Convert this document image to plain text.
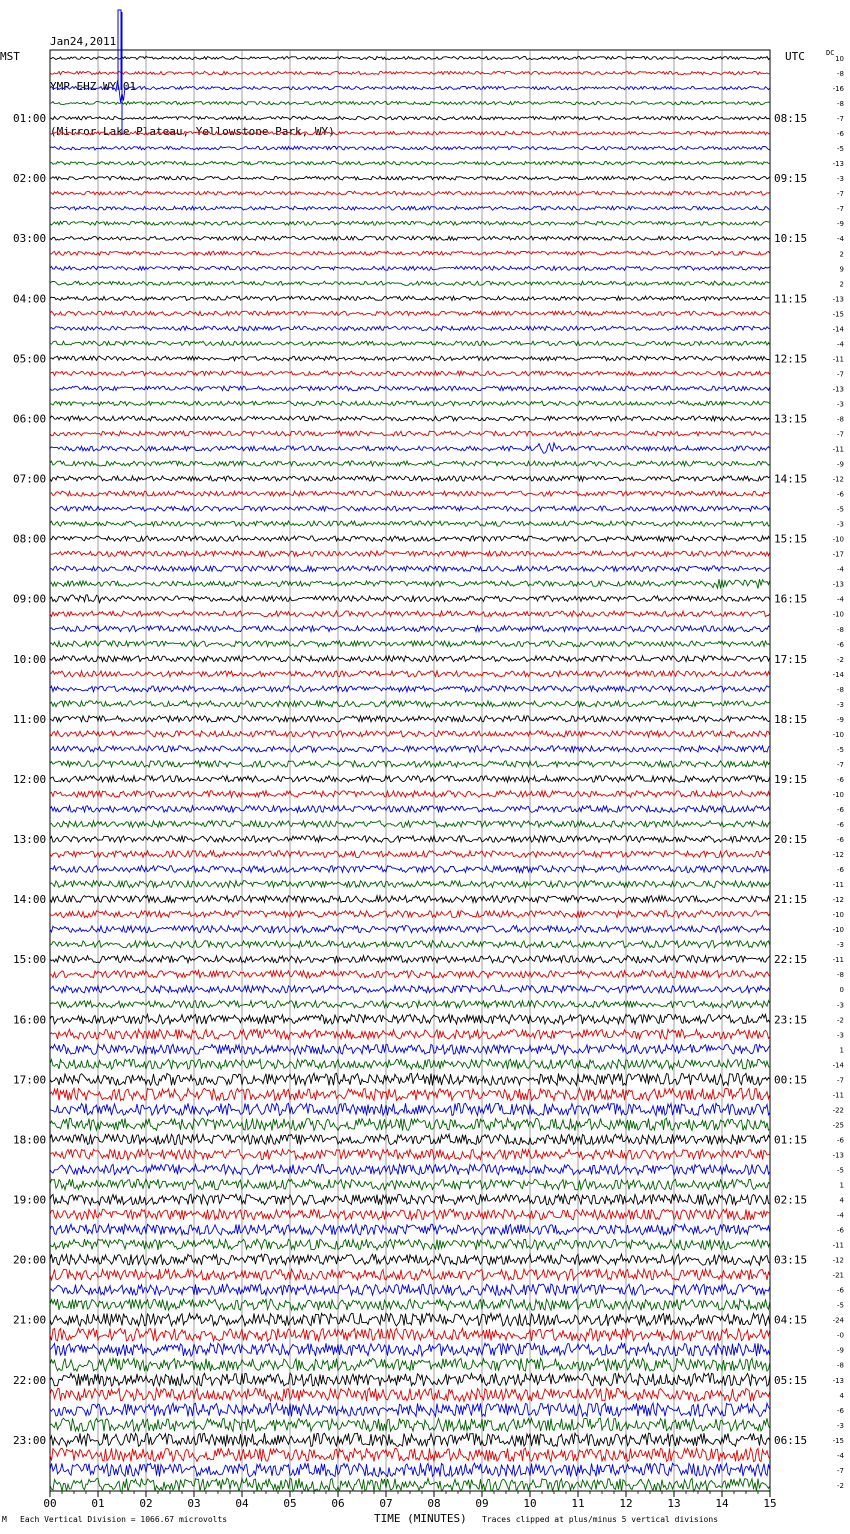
Jan24,2011

YMP EHZ WY 01

(Mirror Lake Plateau, Yellowstone Park, WY)

MST	UTC	DC
00	01	02	03	04	05	06	07	08	09	10	11	12	13	14	15
10
-8
-16
-8
-7
-6
-5
-13
-3
-7
-7
-9
-4
2
9
2
-13
-15
-14
-4
-11
-7
-13
-3
-8
-7
-11
-9
-12
-6
-5
-3
-10
-17
-4
-13
-4
-10
-8
-6
-2
-14
-8
-3
-9
-10
-5
-7
-6
-10
-6
-6
-6
-12
-6
-11
-12
-10
-10
-3
-11
-8
0
-3
-2
-3
1
-14
-7
-11
-22
-25
-6
-13
-5
1
4
-4
-6
-11
-12
-21
-6
-5
-24
-0
-9
-8
-13
4
-6
-3
-15
-4
-7
-2
01:00
02:00
03:00
04:00
05:00
06:00
07:00
08:00
09:00
10:00
11:00
12:00
13:00
14:00
15:00
16:00
17:00
18:00
19:00
20:00
21:00
22:00
23:00
08:15
09:15
10:15
11:15
12:15
13:15
14:15
15:15
16:15
17:15
18:15
19:15
20:15
21:15
22:15
23:15
00:15
01:15
02:15
03:15
04:15
05:15
06:15
M Each Vertical Division = 1066.67 microvolts	TIME (MINUTES) Traces clipped at plus/minus 5 vertical divisions
